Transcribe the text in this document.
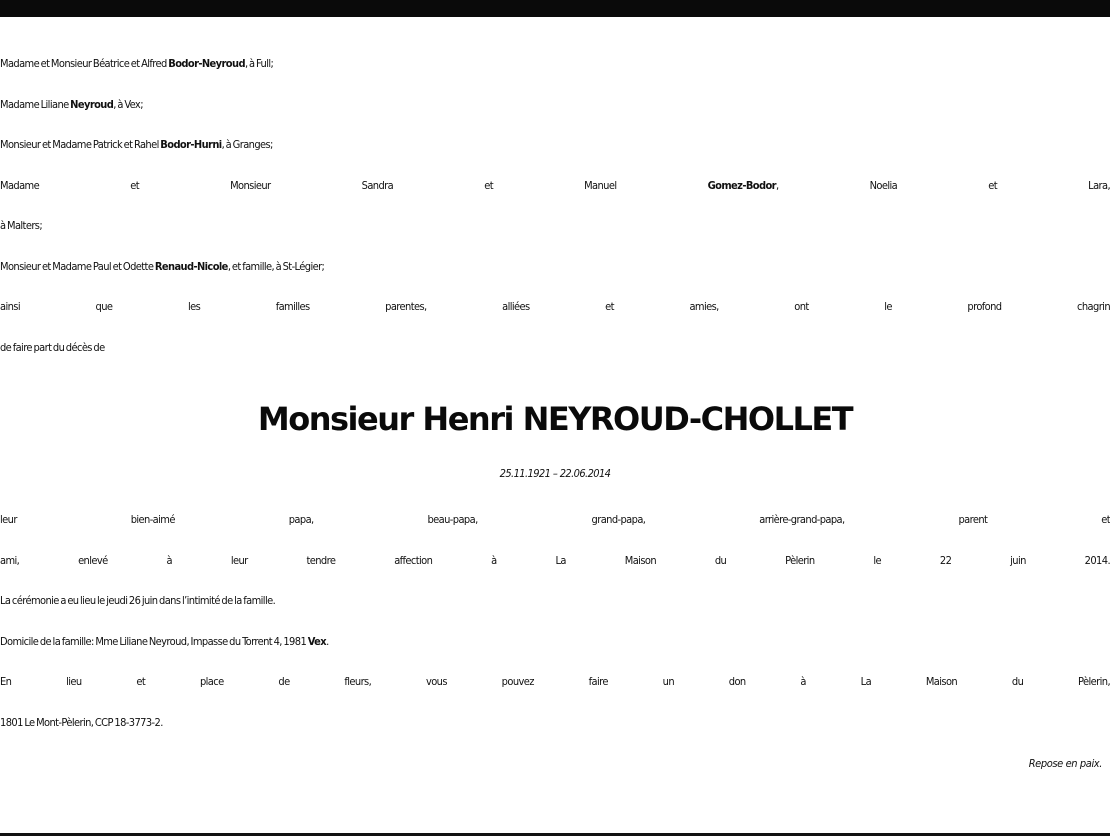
Madame et Monsieur Béatrice et Alfred Bodor-Neyroud, à Full;
Madame Liliane Neyroud, à Vex;
Monsieur et Madame Patrick et Rahel Bodor-Hurni, à Granges;
Madame et Monsieur Sandra et Manuel Gomez-Bodor, Noelia et Lara,
à Malters;
Monsieur et Madame Paul et Odette Renaud-Nicole, et famille, à St-Légier;
ainsi que les familles parentes, alliées et amies, ont le profond chagrin
de faire part du décès de
Monsieur Henri NEYROUD-CHOLLET
25.11.1921 – 22.06.2014
leur bien-aimé papa, beau-papa, grand-papa, arrière-grand-papa, parent et
ami, enlevé à leur tendre affection à La Maison du Pèlerin le 22 juin 2014.
La cérémonie a eu lieu le jeudi 26 juin dans l’intimité de la famille.
Domicile de la famille: Mme Liliane Neyroud, Impasse du Torrent 4, 1981 Vex.
En lieu et place de fleurs, vous pouvez faire un don à La Maison du Pèlerin,
1801 Le Mont-Pèlerin, CCP 18-3773-2.
Repose en paix.
